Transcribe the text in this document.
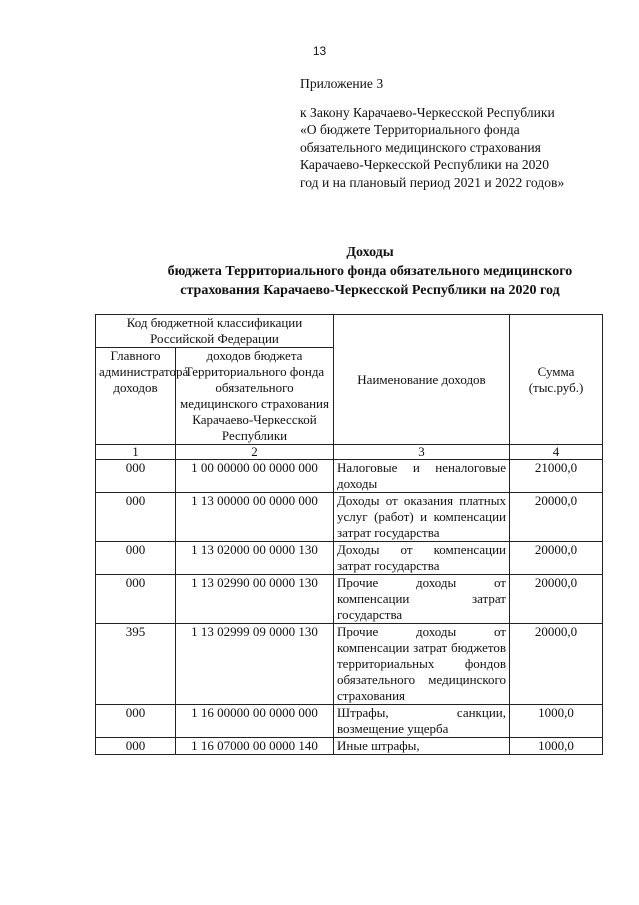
13
Приложение 3
к Закону Карачаево-Черкесской Республики
«О бюджете Территориального фонда
обязательного медицинского страхования
Карачаево-Черкесской Республики на 2020
год и на плановый период 2021 и 2022 годов»
Доходы
бюджета Территориального фонда обязательного медицинского
страхования Карачаево-Черкесской Республики на 2020 год
Код бюджетной классификации Российской Федерации		Наименование доходов	Сумма (тыс.руб.)
Главного администратора доходов	доходов бюджета Территориального фонда обязательного медицинского страхования Карачаево-Черкесской Республики		
1	2	3	4
000	1 00 00000 00 0000 000	Налоговые и неналоговые доходы	21000,0
000	1 13 00000 00 0000 000	Доходы от оказания платных услуг (работ) и компенсации затрат государства	20000,0
000	1 13 02000 00 0000 130	Доходы от компенсации затрат государства	20000,0
000	1 13 02990 00 0000 130	Прочие доходы от компенсации затрат государства	20000,0
395	1 13 02999 09 0000 130	Прочие доходы от компенсации затрат бюджетов территориальных фондов обязательного медицинского страхования	20000,0
000	1 16 00000 00 0000 000	Штрафы, санкции, возмещение ущерба	1000,0
000	1 16 07000 00 0000 140	Иные штрафы,	1000,0
